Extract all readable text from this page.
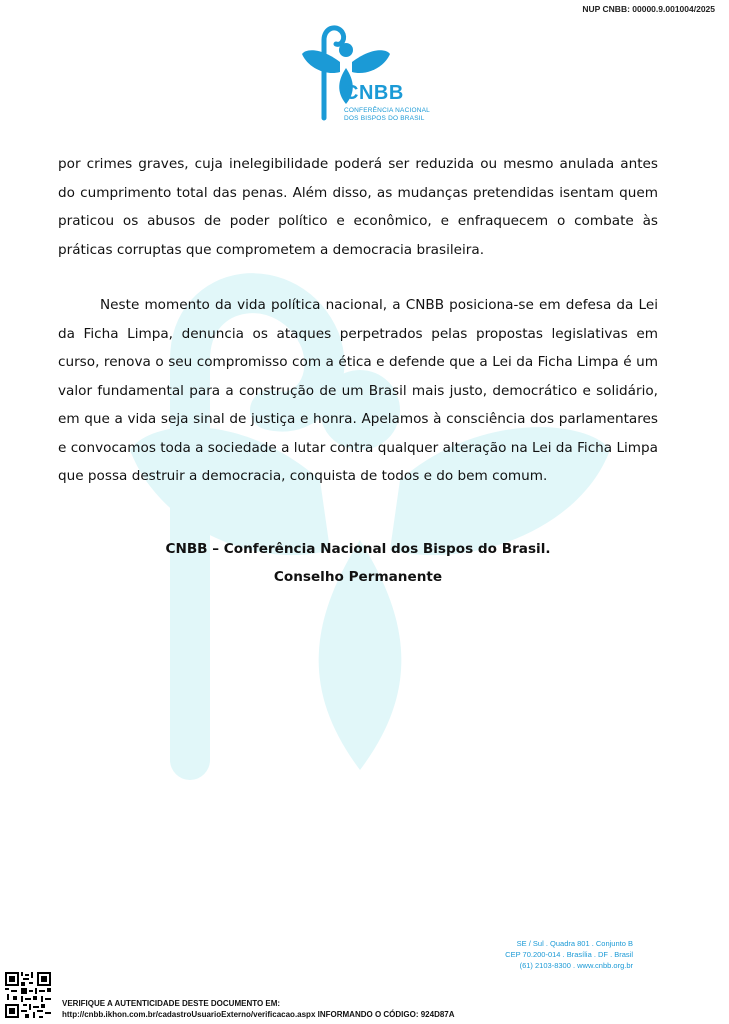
NUP CNBB: 00000.9.001004/2025
CNBB
CONFERÊNCIA NACIONAL
DOS BISPOS DO BRASIL

por crimes graves, cuja inelegibilidade poderá ser reduzida ou mesmo anulada antes do cumprimento total das penas. Além disso, as mudanças pretendidas isentam quem praticou os abusos de poder político e econômico, e enfraquecem o combate às práticas corruptas que comprometem a democracia brasileira.

Neste momento da vida política nacional, a CNBB posiciona-se em defesa da Lei da Ficha Limpa, denuncia os ataques perpetrados pelas propostas legislativas em curso, renova o seu compromisso com a ética e defende que a Lei da Ficha Limpa é um valor fundamental para a construção de um Brasil mais justo, democrático e solidário, em que a vida seja sinal de justiça e honra. Apelamos à consciência dos parlamentares e convocamos toda a sociedade a lutar contra qualquer alteração na Lei da Ficha Limpa que possa destruir a democracia, conquista de todos e do bem comum.

CNBB – Conferência Nacional dos Bispos do Brasil.
Conselho Permanente
SE / Sul . Quadra 801 . Conjunto B
CEP 70.200-014 . Brasília . DF . Brasil
(61) 2103-8300 . www.cnbb.org.br
VERIFIQUE A AUTENTICIDADE DESTE DOCUMENTO EM:
http://cnbb.ikhon.com.br/cadastroUsuarioExterno/verificacao.aspx INFORMANDO O CÓDIGO: 924D87A
